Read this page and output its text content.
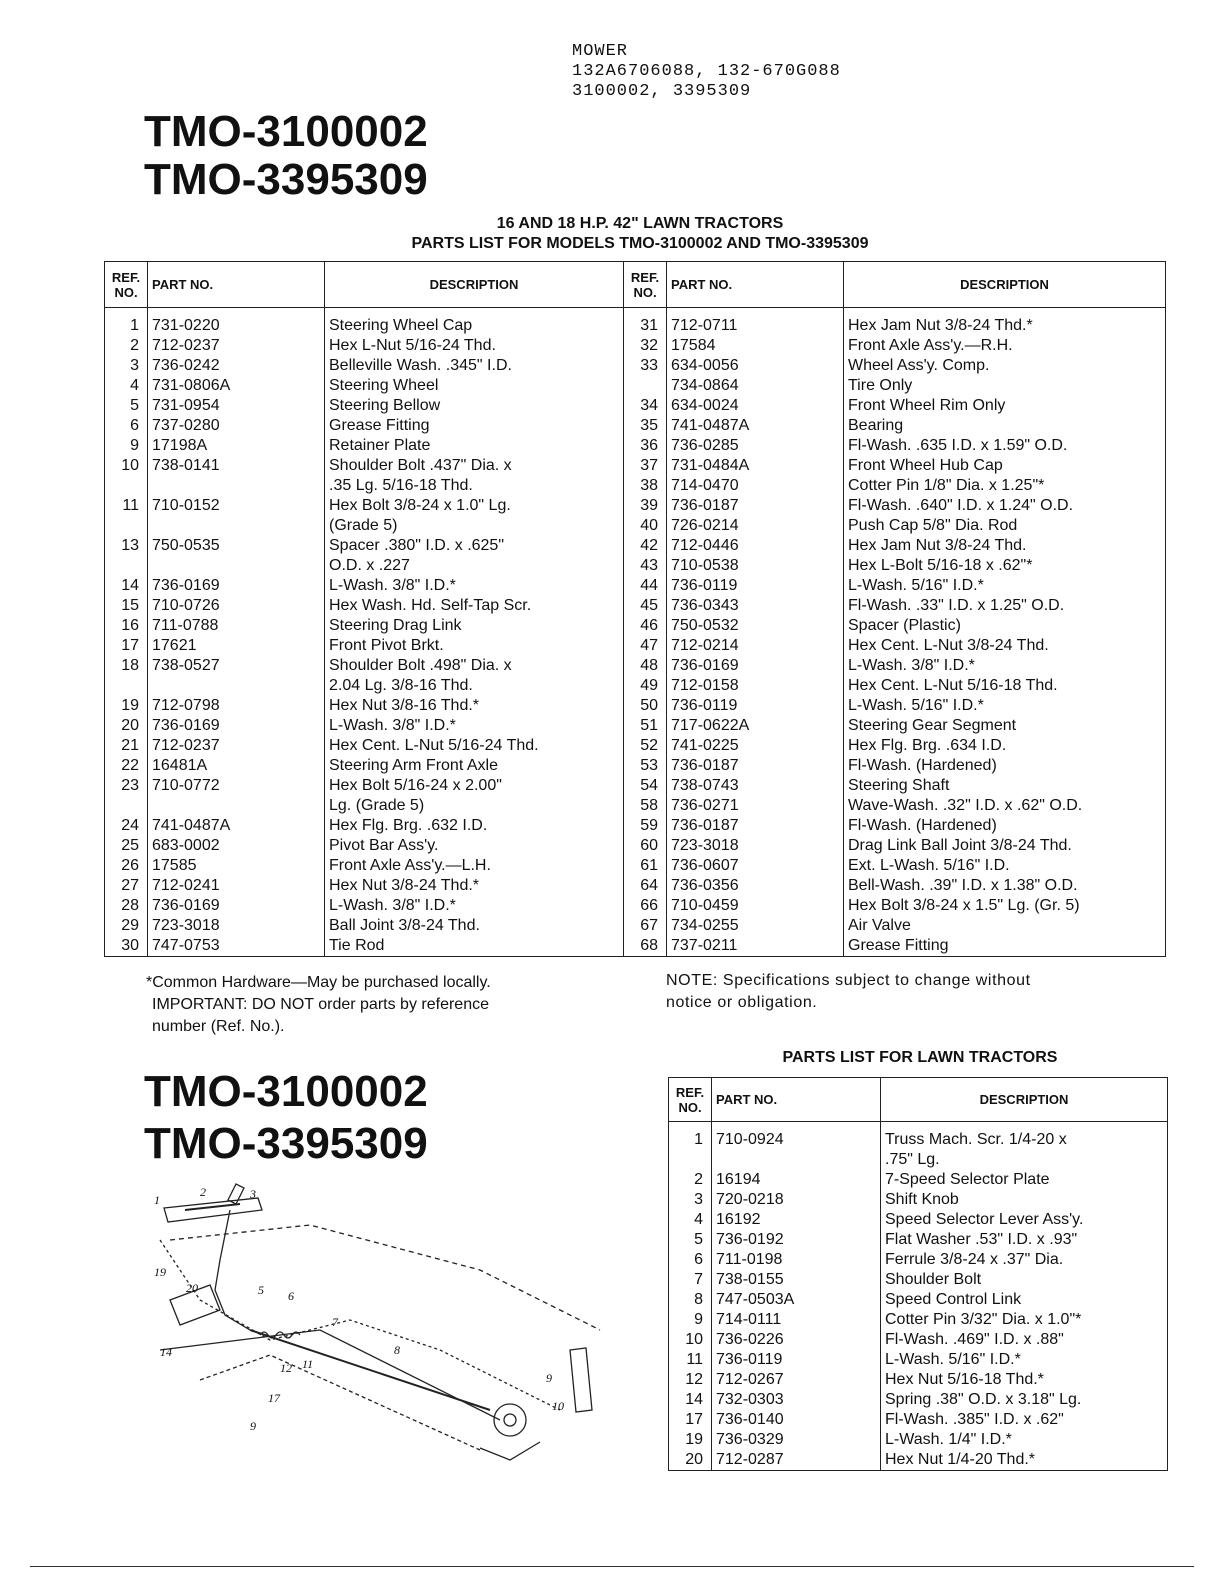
MOWER
132A6706088, 132-670G088
3100002, 3395309
TMO-3100002
TMO-3395309
16 AND 18 H.P. 42" LAWN TRACTORS
PARTS LIST FOR MODELS TMO-3100002 AND TMO-3395309
REF. NO.	PART NO.	DESCRIPTION	REF. NO.	PART NO.	DESCRIPTION
1	731-0220	Steering Wheel Cap	31	712-0711	Hex Jam Nut 3/8-24 Thd.*
2	712-0237	Hex L-Nut 5/16-24 Thd.	32	17584	Front Axle Ass'y.—R.H.
3	736-0242	Belleville Wash. .345" I.D.	33	634-0056	Wheel Ass'y. Comp.
4	731-0806A	Steering Wheel		734-0864	Tire Only
5	731-0954	Steering Bellow	34	634-0024	Front Wheel Rim Only
6	737-0280	Grease Fitting	35	741-0487A	Bearing
9	17198A	Retainer Plate	36	736-0285	Fl-Wash. .635 I.D. x 1.59" O.D.
10	738-0141	Shoulder Bolt .437" Dia. x	37	731-0484A	Front Wheel Hub Cap
		.35 Lg. 5/16-18 Thd.	38	714-0470	Cotter Pin 1/8" Dia. x 1.25"*
11	710-0152	Hex Bolt 3/8-24 x 1.0" Lg.	39	736-0187	Fl-Wash. .640" I.D. x 1.24" O.D.
		(Grade 5)	40	726-0214	Push Cap 5/8" Dia. Rod
13	750-0535	Spacer .380" I.D. x .625"	42	712-0446	Hex Jam Nut 3/8-24 Thd.
		O.D. x .227	43	710-0538	Hex L-Bolt 5/16-18 x .62"*
14	736-0169	L-Wash. 3/8" I.D.*	44	736-0119	L-Wash. 5/16" I.D.*
15	710-0726	Hex Wash. Hd. Self-Tap Scr.	45	736-0343	Fl-Wash. .33" I.D. x 1.25" O.D.
16	711-0788	Steering Drag Link	46	750-0532	Spacer (Plastic)
17	17621	Front Pivot Brkt.	47	712-0214	Hex Cent. L-Nut 3/8-24 Thd.
18	738-0527	Shoulder Bolt .498" Dia. x	48	736-0169	L-Wash. 3/8" I.D.*
		2.04 Lg. 3/8-16 Thd.	49	712-0158	Hex Cent. L-Nut 5/16-18 Thd.
19	712-0798	Hex Nut 3/8-16 Thd.*	50	736-0119	L-Wash. 5/16" I.D.*
20	736-0169	L-Wash. 3/8" I.D.*	51	717-0622A	Steering Gear Segment
21	712-0237	Hex Cent. L-Nut 5/16-24 Thd.	52	741-0225	Hex Flg. Brg. .634 I.D.
22	16481A	Steering Arm Front Axle	53	736-0187	Fl-Wash. (Hardened)
23	710-0772	Hex Bolt 5/16-24 x 2.00"	54	738-0743	Steering Shaft
		Lg. (Grade 5)	58	736-0271	Wave-Wash. .32" I.D. x .62" O.D.
24	741-0487A	Hex Flg. Brg. .632 I.D.	59	736-0187	Fl-Wash. (Hardened)
25	683-0002	Pivot Bar Ass'y.	60	723-3018	Drag Link Ball Joint 3/8-24 Thd.
26	17585	Front Axle Ass'y.—L.H.	61	736-0607	Ext. L-Wash. 5/16" I.D.
27	712-0241	Hex Nut 3/8-24 Thd.*	64	736-0356	Bell-Wash. .39" I.D. x 1.38" O.D.
28	736-0169	L-Wash. 3/8" I.D.*	66	710-0459	Hex Bolt 3/8-24 x 1.5" Lg. (Gr. 5)
29	723-3018	Ball Joint 3/8-24 Thd.	67	734-0255	Air Valve
30	747-0753	Tie Rod	68	737-0211	Grease Fitting
*Common Hardware—May be purchased locally.
IMPORTANT: DO NOT order parts by reference
number (Ref. No.).
NOTE: Specifications subject to change without
notice or obligation.
TMO-3100002
TMO-3395309
PARTS LIST FOR LAWN TRACTORS
REF. NO.	PART NO.	DESCRIPTION
1	710-0924	Truss Mach. Scr. 1/4-20 x
		.75" Lg.
2	16194	7-Speed Selector Plate
3	720-0218	Shift Knob
4	16192	Speed Selector Lever Ass'y.
5	736-0192	Flat Washer .53" I.D. x .93"
6	711-0198	Ferrule 3/8-24 x .37" Dia.
7	738-0155	Shoulder Bolt
8	747-0503A	Speed Control Link
9	714-0111	Cotter Pin 3/32" Dia. x 1.0"*
10	736-0226	Fl-Wash. .469" I.D. x .88"
11	736-0119	L-Wash. 5/16" I.D.*
12	712-0267	Hex Nut 5/16-18 Thd.*
14	732-0303	Spring .38" O.D. x 3.18" Lg.
17	736-0140	Fl-Wash. .385" I.D. x .62"
19	736-0329	L-Wash. 1/4" I.D.*
20	712-0287	Hex Nut 1/4-20 Thd.*
1
2	3
19
20	5 6
7
8
14
12 11
17
9
9
10
